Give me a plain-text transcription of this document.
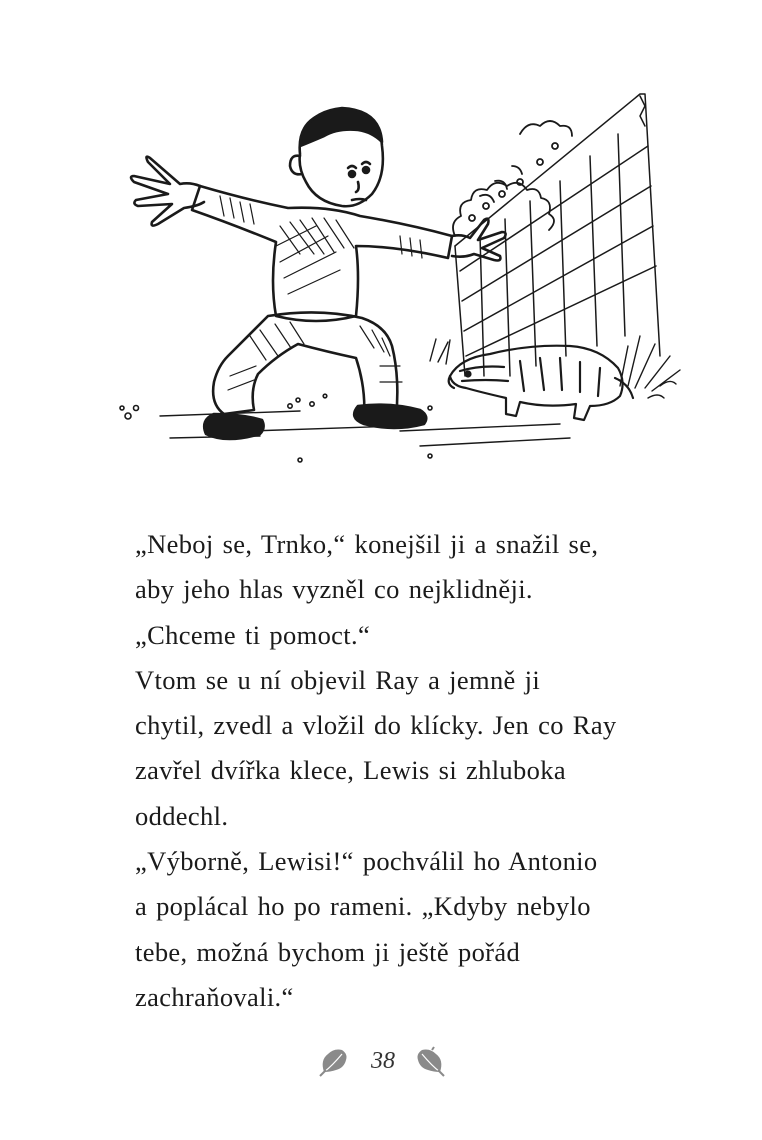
„Neboj se, Trnko,“ konejšil ji a snažil se,
aby jeho hlas vyzněl co nejklidněji.
„Chceme ti pomoct.“

Vtom se u ní objevil Ray a jemně ji
chytil, zvedl a vložil do klícky. Jen co Ray
zavřel dvířka klece, Lewis si zhluboka
oddechl.

„Výborně, Lewisi!“ pochválil ho Antonio
a poplácal ho po rameni. „Kdyby nebylo
tebe, možná bychom ji ještě pořád
zachraňovali.“

38
